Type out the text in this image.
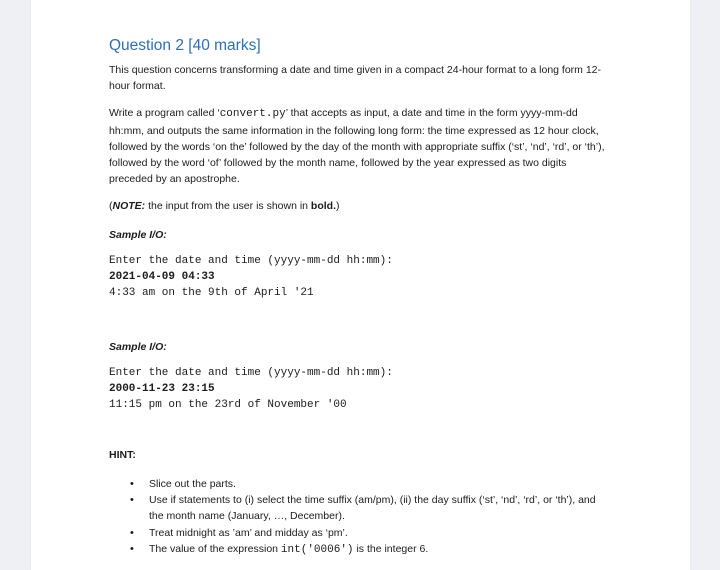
Question 2 [40 marks]

This question concerns transforming a date and time given in a compact 24-hour format to a long form 12-hour format.

Write a program called ‘convert.py’ that accepts as input, a date and time in the form yyyy-mm-dd hh:mm, and outputs the same information in the following long form: the time expressed as 12 hour clock, followed by the words ‘on the’ followed by the day of the month with appropriate suffix (‘st’, ‘nd’, ‘rd’, or ‘th’), followed by the word ‘of’ followed by the month name, followed by the year expressed as two digits preceded by an apostrophe.

(NOTE: the input from the user is shown in bold.)

Sample I/O:
Enter the date and time (yyyy-mm-dd hh:mm):
2021-04-09 04:33
4:33 am on the 9th of April '21
Sample I/O:
Enter the date and time (yyyy-mm-dd hh:mm):
2000-11-23 23:15
11:15 pm on the 23rd of November '00
HINT:
• Slice out the parts.
• Use if statements to (i) select the time suffix (am/pm), (ii) the day suffix (‘st’, ‘nd’, ‘rd’, or ‘th’), and the month name (January, …, December).
• Treat midnight as ’am’ and midday as ‘pm’.
• The value of the expression int('0006') is the integer 6.
